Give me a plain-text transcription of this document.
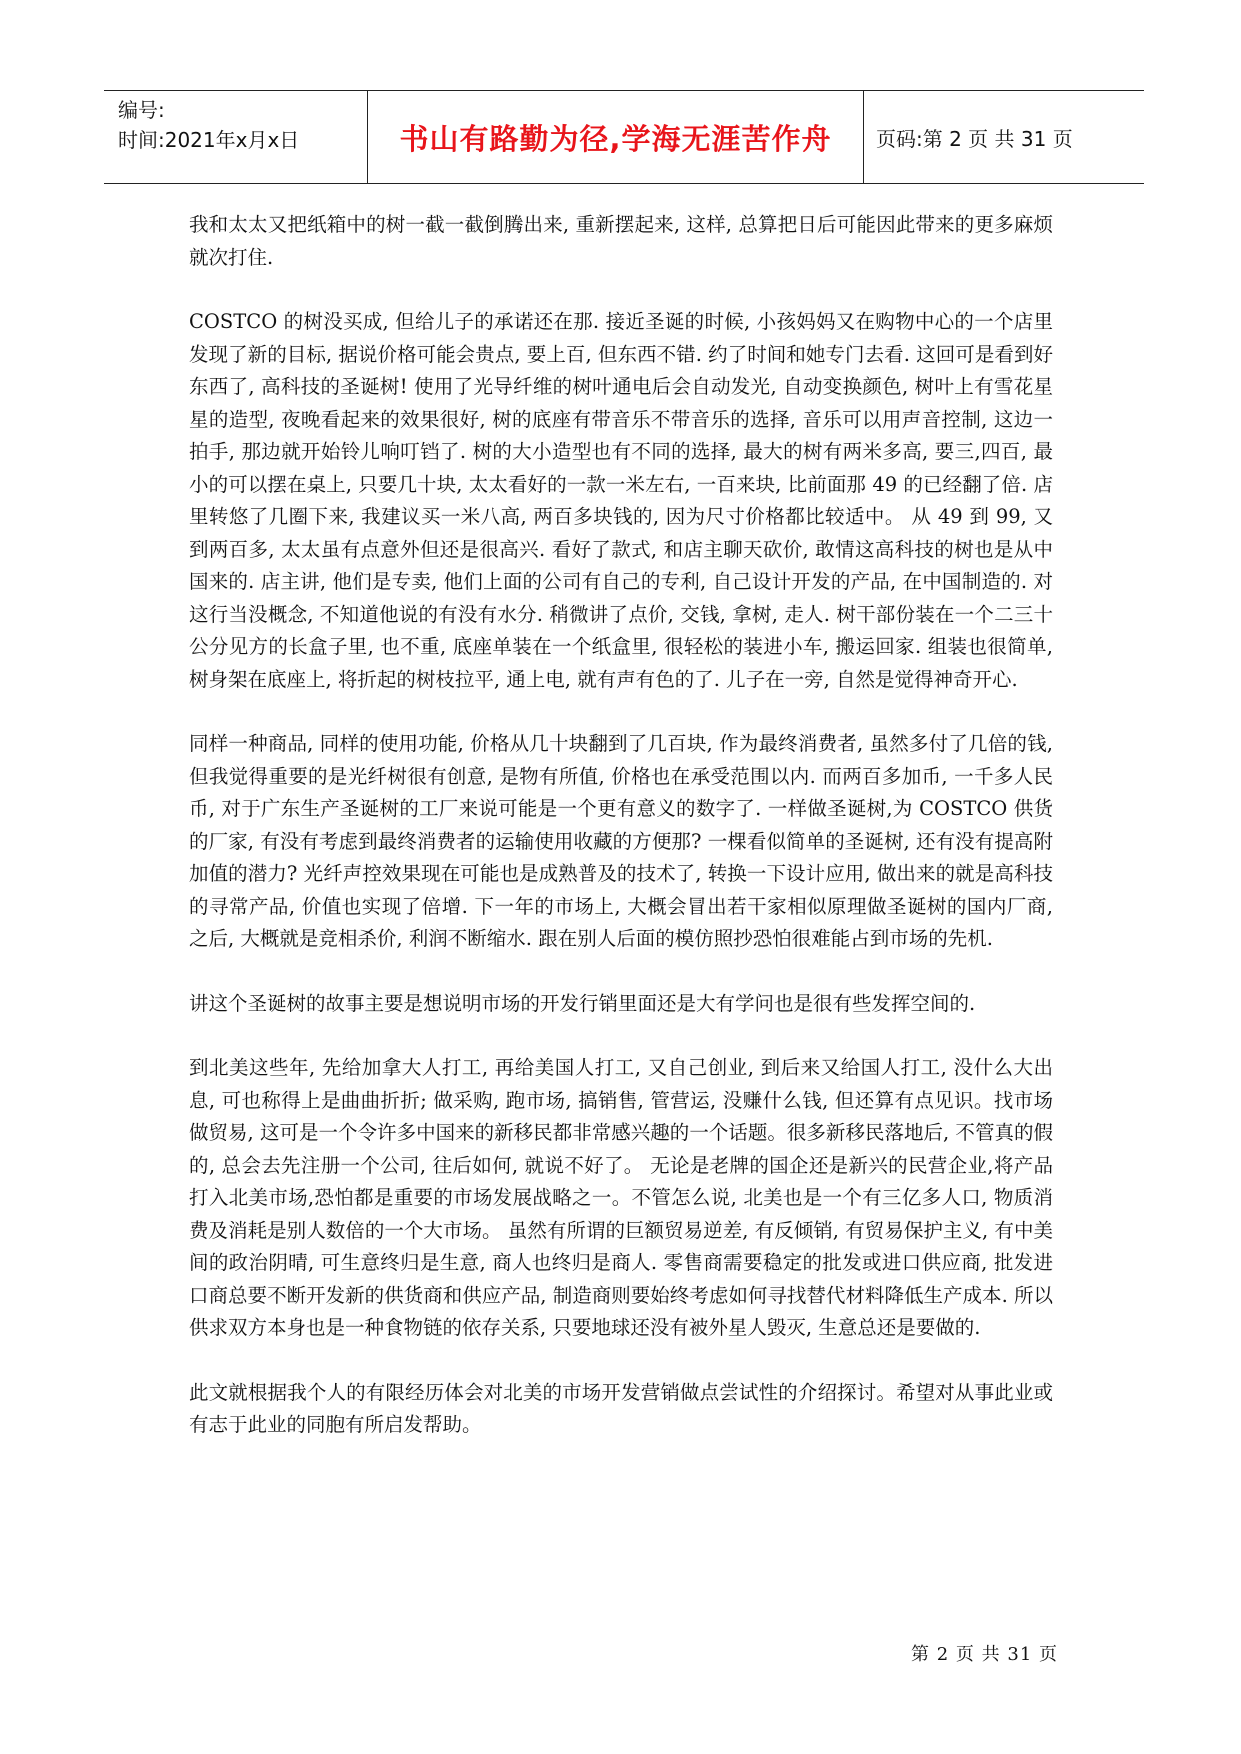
编号:
时间:2021年x月x日	书山有路勤为径,学海无涯苦作舟 页码:第 2 页 共 31 页

我和太太又把纸箱中的树一截一截倒腾出来, 重新摆起来, 这样, 总算把日后可能因此带来的更多麻烦就次打住.

COSTCO 的树没买成, 但给儿子的承诺还在那. 接近圣诞的时候, 小孩妈妈又在购物中心的一个店里发现了新的目标, 据说价格可能会贵点, 要上百, 但东西不错. 约了时间和她专门去看. 这回可是看到好东西了, 高科技的圣诞树! 使用了光导纤维的树叶通电后会自动发光, 自动变换颜色, 树叶上有雪花星星的造型, 夜晚看起来的效果很好, 树的底座有带音乐不带音乐的选择, 音乐可以用声音控制, 这边一拍手, 那边就开始铃儿响叮铛了. 树的大小造型也有不同的选择, 最大的树有两米多高, 要三,四百, 最小的可以摆在桌上, 只要几十块, 太太看好的一款一米左右, 一百来块, 比前面那 49 的已经翻了倍. 店里转悠了几圈下来, 我建议买一米八高, 两百多块钱的, 因为尺寸价格都比较适中。 从 49 到 99, 又到两百多, 太太虽有点意外但还是很高兴. 看好了款式, 和店主聊天砍价, 敢情这高科技的树也是从中国来的. 店主讲, 他们是专卖, 他们上面的公司有自己的专利, 自己设计开发的产品, 在中国制造的. 对这行当没概念, 不知道他说的有没有水分. 稍微讲了点价, 交钱, 拿树, 走人. 树干部份装在一个二三十公分见方的长盒子里, 也不重, 底座单装在一个纸盒里, 很轻松的装进小车, 搬运回家. 组装也很简单, 树身架在底座上, 将折起的树枝拉平, 通上电, 就有声有色的了. 儿子在一旁, 自然是觉得神奇开心.

同样一种商品, 同样的使用功能, 价格从几十块翻到了几百块, 作为最终消费者, 虽然多付了几倍的钱, 但我觉得重要的是光纤树很有创意, 是物有所值, 价格也在承受范围以内. 而两百多加币, 一千多人民币, 对于广东生产圣诞树的工厂来说可能是一个更有意义的数字了. 一样做圣诞树,为 COSTCO 供货的厂家, 有没有考虑到最终消费者的运输使用收藏的方便那? 一棵看似简单的圣诞树, 还有没有提高附加值的潜力? 光纤声控效果现在可能也是成熟普及的技术了, 转换一下设计应用, 做出来的就是高科技的寻常产品, 价值也实现了倍增. 下一年的市场上, 大概会冒出若干家相似原理做圣诞树的国内厂商, 之后, 大概就是竞相杀价, 利润不断缩水. 跟在别人后面的模仿照抄恐怕很难能占到市场的先机.

讲这个圣诞树的故事主要是想说明市场的开发行销里面还是大有学问也是很有些发挥空间的.

到北美这些年, 先给加拿大人打工, 再给美国人打工, 又自己创业, 到后来又给国人打工, 没什么大出息, 可也称得上是曲曲折折; 做采购, 跑市场, 搞销售, 管营运, 没赚什么钱, 但还算有点见识。找市场做贸易, 这可是一个令许多中国来的新移民都非常感兴趣的一个话题。很多新移民落地后, 不管真的假的, 总会去先注册一个公司, 往后如何, 就说不好了。 无论是老牌的国企还是新兴的民营企业,将产品打入北美市场,恐怕都是重要的市场发展战略之一。不管怎么说, 北美也是一个有三亿多人口, 物质消费及消耗是别人数倍的一个大市场。 虽然有所谓的巨额贸易逆差, 有反倾销, 有贸易保护主义, 有中美间的政治阴晴, 可生意终归是生意, 商人也终归是商人. 零售商需要稳定的批发或进口供应商, 批发进口商总要不断开发新的供货商和供应产品, 制造商则要始终考虑如何寻找替代材料降低生产成本. 所以供求双方本身也是一种食物链的依存关系, 只要地球还没有被外星人毁灭, 生意总还是要做的.

此文就根据我个人的有限经历体会对北美的市场开发营销做点尝试性的介绍探讨。希望对从事此业或有志于此业的同胞有所启发帮助。

第 2 页 共 31 页
